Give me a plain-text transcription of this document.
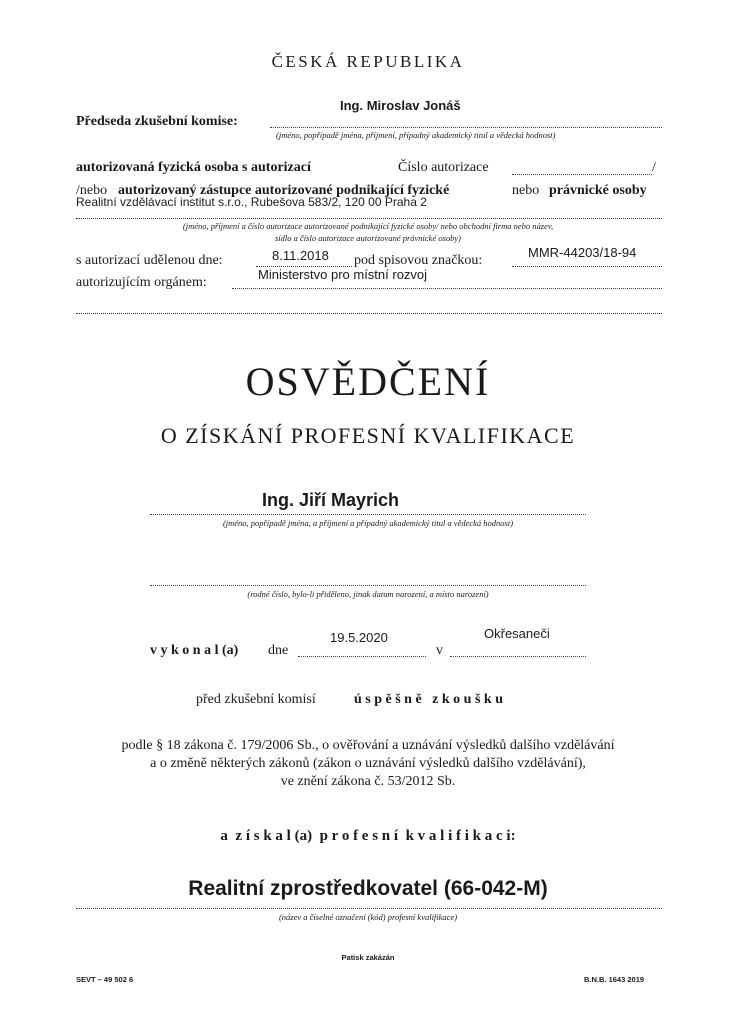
ČESKÁ REPUBLIKA
Ing. Miroslav Jonáš
Předseda zkušební komise:
(jméno, popřípadě jména, příjmení, případný akademický titul a vědecká hodnost)
autorizovaná fyzická osoba s autorizací	Číslo autorizace	/
/nebo autorizovaný zástupce autorizované podnikající fyzické	nebo právnické osoby
Realitní vzdělávací institut s.r.o., Rubešova 583/2, 120 00 Praha 2
(jméno, příjmení a číslo autorizace autorizované podnikající fyzické osoby/ nebo obchodní firma nebo název,
sídlo a číslo autorizace autorizované právnické osoby)
s autorizací udělenou dne:	8.11.2018 pod spisovou značkou:
MMR-44203/18-94
autorizujícím orgánem:
Ministerstvo pro místní rozvoj
OSVĚDČENÍ
O ZÍSKÁNÍ PROFESNÍ KVALIFIKACE
Ing. Jiří Mayrich
(jméno, popřípadě jména, a příjmení a případný akademický titul a vědecká hodnost)
(rodné číslo, bylo-li přiděleno, jinak datum narození, a místo narození)
v y k o n a l (a) dne
19.5.2020
v
Okřesaneči
před zkušební komisí	ú s p ě š n ě   z k o u š k u
podle § 18 zákona č. 179/2006 Sb., o ověřování a uznávání výsledků dalšího vzdělávání
a o změně některých zákonů (zákon o uznávání výsledků dalšího vzdělávání),
ve znění zákona č. 53/2012 Sb.
a  z í s k a l (a)  p r o f e s n í  k v a l i f i k a c i:
Realitní zprostředkovatel (66-042-M)
(název a číselné označení (kód) profesní kvalifikace)
Patisk zakázán
SEVT – 49 502 6	B.N.B. 1643 2019
